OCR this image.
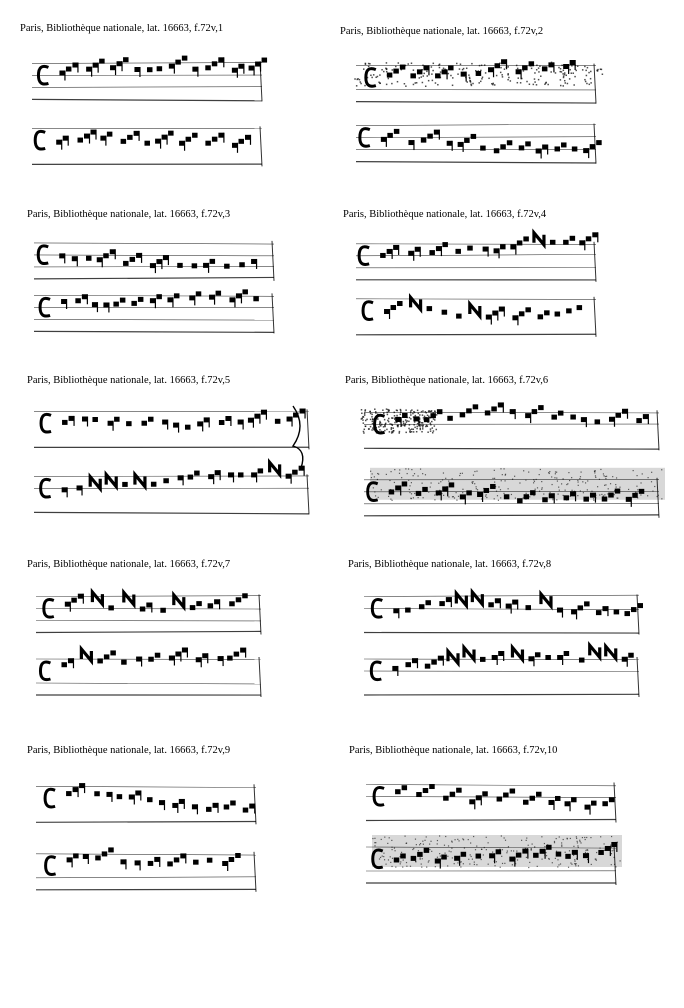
Paris, Bibliothèque nationale, lat. 16663, f.72v,1	Paris, Bibliothèque nationale, lat. 16663, f.72v,2
Paris, Bibliothèque nationale, lat. 16663, f.72v,3	Paris, Bibliothèque nationale, lat. 16663, f.72v,4
Paris, Bibliothèque nationale, lat. 16663, f.72v,5	Paris, Bibliothèque nationale, lat. 16663, f.72v,6
Paris, Bibliothèque nationale, lat. 16663, f.72v,7	Paris, Bibliothèque nationale, lat. 16663, f.72v,8
Paris, Bibliothèque nationale, lat. 16663, f.72v,9	Paris, Bibliothèque nationale, lat. 16663, f.72v,10
